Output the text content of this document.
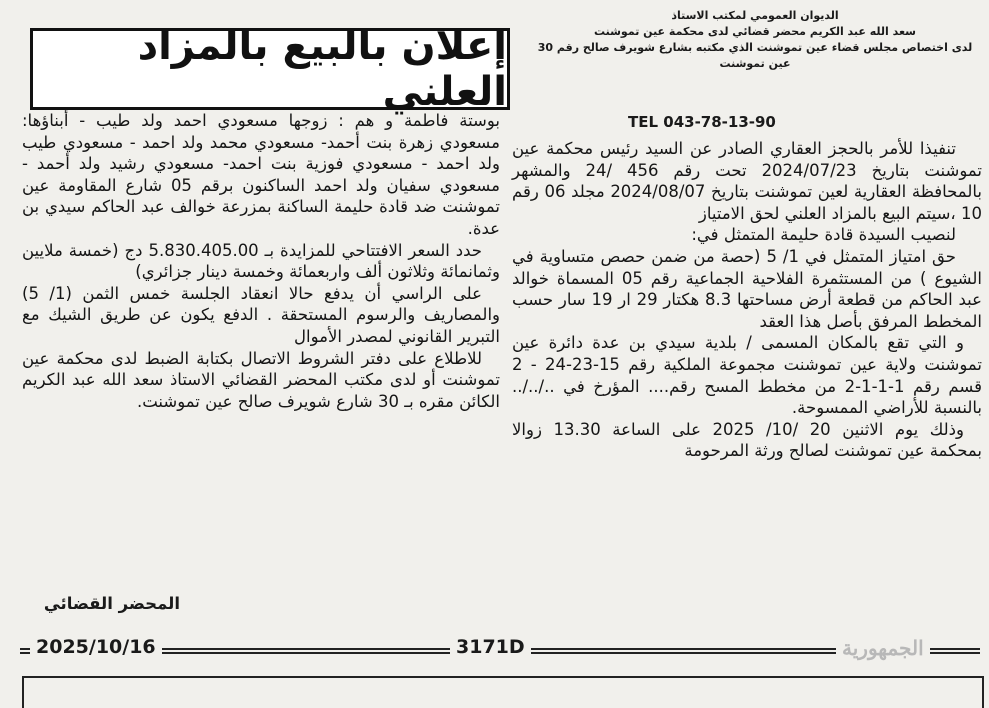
الديوان العمومي لمكتب الاستاذ
سعد الله عبد الكريم محضر قضائي لدى محكمة عين تموشنت
لدى اختصاص مجلس قضاء عين تموشنت الذي مكتبه بشارع شويرف صالح رقم 30
عين تموشنت
TEL 043-78-13-90
إعلان بالبيع بالمزاد العلني

تنفيذا للأمر بالحجز العقاري الصادر عن السيد رئيس محكمة عين تموشنت بتاريخ 2024/07/23 تحت رقم 456 /24 والمشهر بالمحافظة العقارية لعين تموشنت بتاريخ 2024/08/07 مجلد 06 رقم 10 ،سيتم البيع بالمزاد العلني لحق الامتياز

لنصيب السيدة قادة حليمة المتمثل في:

حق امتياز المتمثل في 1/ 5 (حصة من ضمن حصص متساوية في الشيوع ) من المستثمرة الفلاحية الجماعية رقم 05 المسماة خوالد عبد الحاكم من قطعة أرض مساحتها 8.3 هكتار 29 ار 19 سار حسب المخطط المرفق بأصل هذا العقد

و التي تقع بالمكان المسمى / بلدية سيدي بن عدة دائرة عين تموشنت ولاية عين تموشنت مجموعة الملكية رقم 15-23-24 - 2 قسم رقم 1-1-1-2 من مخطط المسح رقم.... المؤرخ في ../../.. بالنسبة للأراضي الممسوحة.

وذلك يوم الاثنين 20 /10/ 2025 على الساعة 13.30 زوالا بمحكمة عين تموشنت لصالح ورثة المرحومة

بوستة فاطمة و هم : زوجها مسعودي احمد ولد طيب - أبناؤها: مسعودي زهرة بنت أحمد- مسعودي محمد ولد احمد - مسعودي طيب ولد احمد - مسعودي فوزية بنت احمد- مسعودي رشيد ولد أحمد - مسعودي سفيان ولد احمد الساكنون برقم 05 شارع المقاومة عين تموشنت ضد قادة حليمة الساكنة بمزرعة خوالف عبد الحاكم سيدي بن عدة.

حدد السعر الافتتاحي للمزايدة بـ 5.830.405.00 دج (خمسة ملايين وثمانمائة وثلاثون ألف واربعمائة وخمسة دينار جزائري)

على الراسي أن يدفع حالا انعقاد الجلسة خمس الثمن (1/ 5) والمصاريف والرسوم المستحقة . الدفع يكون عن طريق الشيك مع التبرير القانوني لمصدر الأموال

للاطلاع على دفتر الشروط الاتصال بكتابة الضبط لدى محكمة عين تموشنت أو لدى مكتب المحضر القضائي الاستاذ سعد الله عبد الكريم الكائن مقره بـ 30 شارع شويرف صالح عين تموشنت.

المحضر القضائي
2025/10/16	3171D	الجمهورية
